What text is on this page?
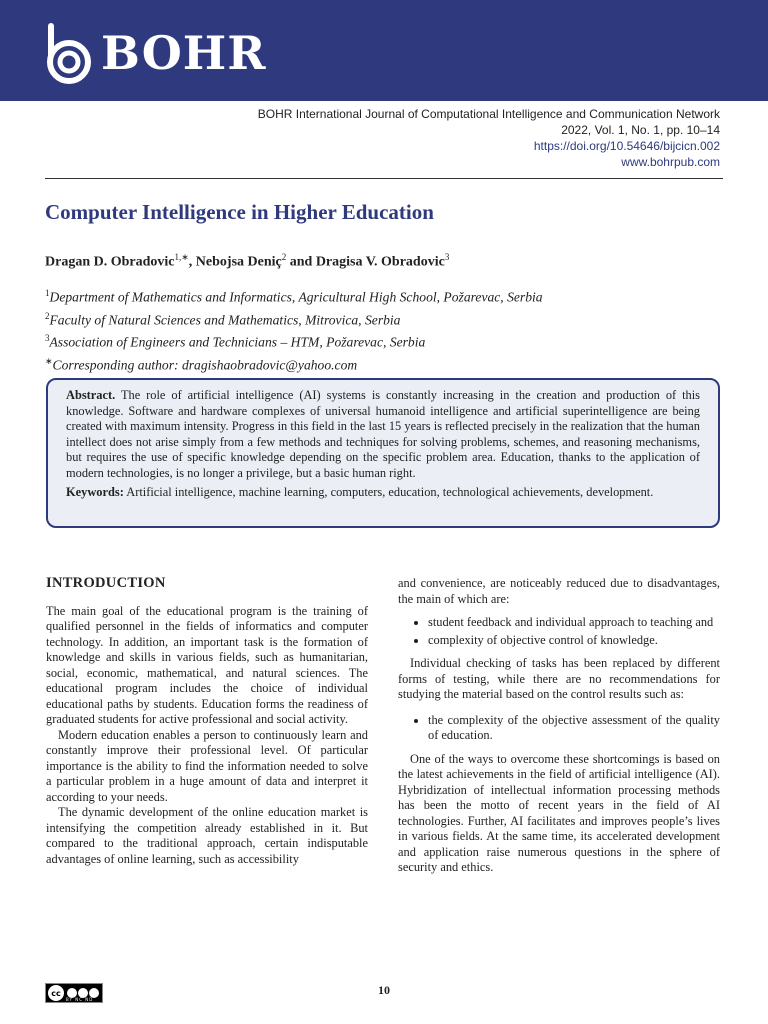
BOHR
BOHR International Journal of Computational Intelligence and Communication Network
2022, Vol. 1, No. 1, pp. 10–14
https://doi.org/10.54646/bijcicn.002
www.bohrpub.com
Computer Intelligence in Higher Education
Dragan D. Obradovic$^{1,∗}$, Nebojsa Deniç$^2$ and Dragisa V. Obradovic$^3$
$^1$Department of Mathematics and Informatics, Agricultural High School, Požarevac, Serbia
$^2$Faculty of Natural Sciences and Mathematics, Mitrovica, Serbia
$^3$Association of Engineers and Technicians – HTM, Požarevac, Serbia
∗Corresponding author: dragishaobradovic@yahoo.com

Abstract. The role of artificial intelligence (AI) systems is constantly increasing in the creation and production of this knowledge. Software and hardware complexes of universal humanoid intelligence and artificial superintelligence are being created with maximum intensity. Progress in this field in the last 15 years is reflected precisely in the realization that the human intellect does not arise simply from a few methods and techniques for solving problems, schemes, and reasoning mechanisms, but requires the use of specific knowledge depending on the specific problem area. Education, thanks to the application of modern technologies, is no longer a privilege, but a basic human right.

Keywords: Artificial intelligence, machine learning, computers, education, technological achievements, development.

INTRODUCTION

The main goal of the educational program is the training of qualified personnel in the fields of informatics and computer technology. In addition, an important task is the formation of knowledge and skills in various fields, such as humanitarian, social, economic, mathematical, and natural sciences. The educational program includes the choice of individual educational paths by students. Education forms the readiness of graduated students for active professional and social activity.

Modern education enables a person to continuously learn and constantly improve their professional level. Of particular importance is the ability to find the information needed to solve a particular problem in a huge amount of data and interpret it according to your needs.

The dynamic development of the online education market is intensifying the competition already established in it. But compared to the traditional approach, certain indisputable advantages of online learning, such as accessibility

and convenience, are noticeably reduced due to disadvantages, the main of which are:

• student feedback and individual approach to teaching and
• complexity of objective control of knowledge.

Individual checking of tasks has been replaced by different forms of testing, while there are no recommendations for studying the material based on the control results such as:

• the complexity of the objective assessment of the quality of education.

One of the ways to overcome these shortcomings is based on the latest achievements in the field of artificial intelligence (AI). Hybridization of intellectual information processing methods has been the motto of recent years in the field of AI technologies. Further, AI facilitates and improves people’s lives in various fields. At the same time, its accelerated development and application raise numerous questions in the sphere of security and ethics.

cc
BY NC ND
10
